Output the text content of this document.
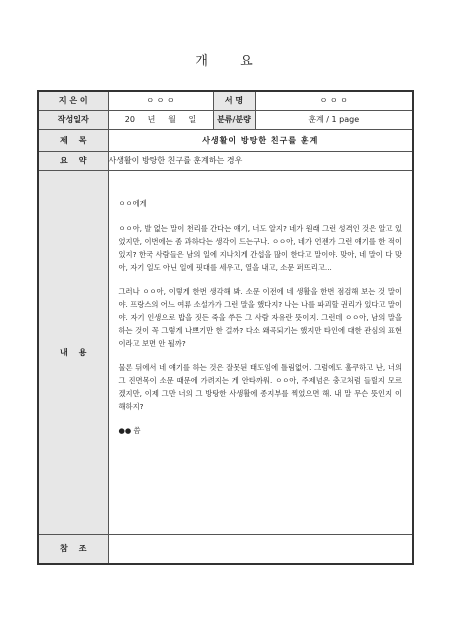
개 요
지 은 이	ㅇ ㅇ ㅇ	서 명	ㅇ ㅇ ㅇ
작성일자	20     년     월     일	분류/분량	훈계 / 1 page
제    목	사생활이 방탕한 친구를 훈계		
요    약	사생활이 방탕한 친구를 훈계하는 경우		
내    용	ㅇㅇ에게

ㅇㅇ아, 발 없는 말이 천리를 간다는 얘기, 너도 알지? 네가 원래 그런 성격인 것은 알고 있었지만, 이번에는 좀 과하다는 생각이 드는구나. ㅇㅇ아, 네가 언젠가 그런 얘기를 한 적이 있지? 한국 사람들은 남의 일에 지나치게 간섭을 많이 한다고 말이야. 맞아, 네 말이 다 맞아, 자기 일도 아닌 일에 핏대를 세우고, 열을 내고, 소문 퍼뜨리고...

그러나 ㅇㅇ아, 이렇게 한번 생각해 봐. 소문 이전에 네 생활을 한번 점검해 보는 것 말이야. 프랑스의 어느 여류 소설가가 그런 말을 했다지? 나는 나를 파괴할 권리가 있다고 말이야. 자기 인생으로 밥을 짓든 죽을 쑤든 그 사람 자유란 뜻이지. 그런데 ㅇㅇ아, 남의 말을 하는 것이 꼭 그렇게 나쁘기만 한 걸까? 다소 왜곡되기는 했지만 타인에 대한 관심의 표현이라고 보면 안 될까?

물론 뒤에서 네 얘기를 하는 것은 잘못된 태도임에 틀림없어. 그럼에도 훌쿠하고 난, 너의 그 진면목이 소문 때문에 가려지는 게 안타까워. ㅇㅇ아, 주제넘은 충고처럼 들릴지 모르겠지만, 이제 그만 너의 그 방탕한 사생활에 종지부를 찍었으면 해. 내 말 무슨 뜻인지 이해하지?

●● 씀		

참    조			
